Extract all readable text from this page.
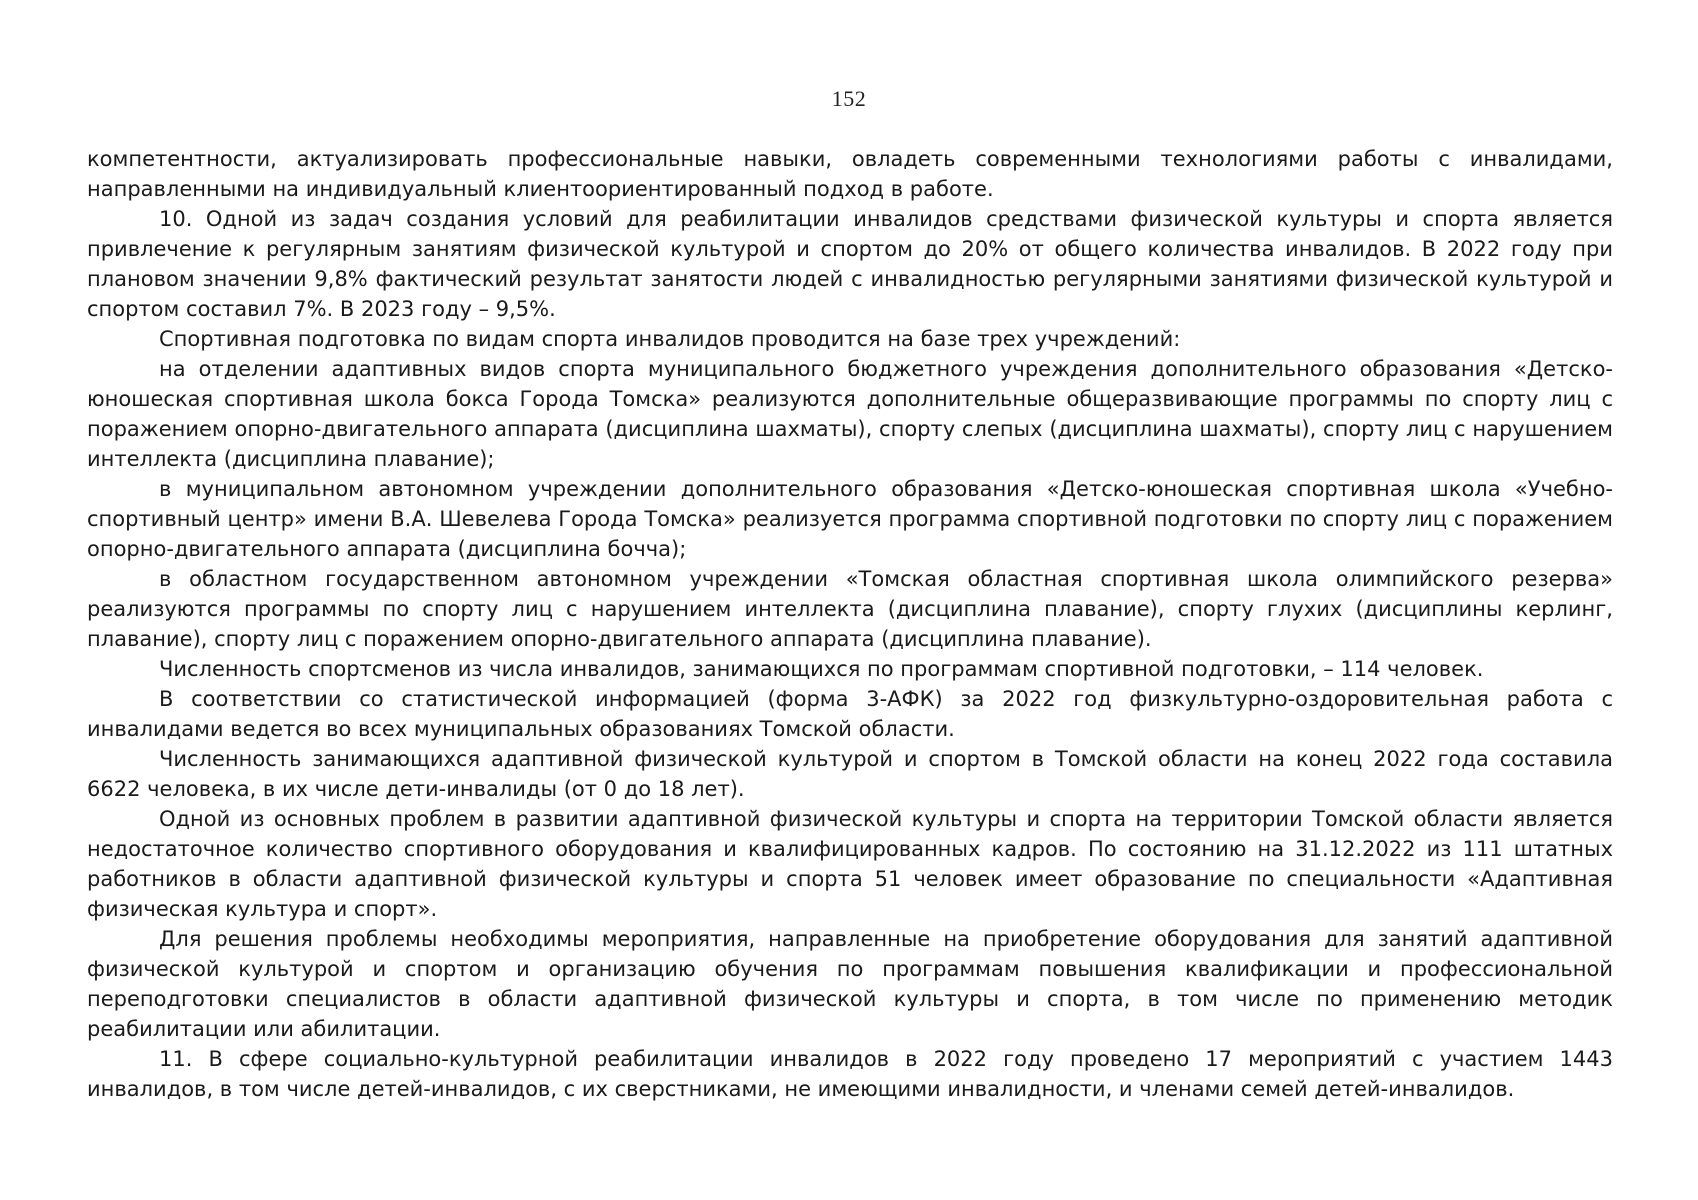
152

компетентности, актуализировать профессиональные навыки, овладеть современными технологиями работы с инвалидами, направленными на индивидуальный клиентоориентированный подход в работе.

10. Одной из задач создания условий для реабилитации инвалидов средствами физической культуры и спорта является привлечение к регулярным занятиям физической культурой и спортом до 20% от общего количества инвалидов. В 2022 году при плановом значении 9,8% фактический результат занятости людей с инвалидностью регулярными занятиями физической культурой и спортом составил 7%. В 2023 году – 9,5%.

Спортивная подготовка по видам спорта инвалидов проводится на базе трех учреждений:

на отделении адаптивных видов спорта муниципального бюджетного учреждения дополнительного образования «Детско-юношеская спортивная школа бокса Города Томска» реализуются дополнительные общеразвивающие программы по спорту лиц с поражением опорно-двигательного аппарата (дисциплина шахматы), спорту слепых (дисциплина шахматы), спорту лиц с нарушением интеллекта (дисциплина плавание);

в муниципальном автономном учреждении дополнительного образования «Детско-юношеская спортивная школа «Учебно-спортивный центр» имени В.А. Шевелева Города Томска» реализуется программа спортивной подготовки по спорту лиц с поражением опорно-двигательного аппарата (дисциплина бочча);

в областном государственном автономном учреждении «Томская областная спортивная школа олимпийского резерва» реализуются программы по спорту лиц с нарушением интеллекта (дисциплина плавание), спорту глухих (дисциплины керлинг, плавание), спорту лиц с поражением опорно-двигательного аппарата (дисциплина плавание).

Численность спортсменов из числа инвалидов, занимающихся по программам спортивной подготовки, – 114 человек.

В соответствии со статистической информацией (форма 3-АФК) за 2022 год физкультурно-оздоровительная работа с инвалидами ведется во всех муниципальных образованиях Томской области.

Численность занимающихся адаптивной физической культурой и спортом в Томской области на конец 2022 года составила 6622 человека, в их числе дети-инвалиды (от 0 до 18 лет).

Одной из основных проблем в развитии адаптивной физической культуры и спорта на территории Томской области является недостаточное количество спортивного оборудования и квалифицированных кадров. По состоянию на 31.12.2022 из 111 штатных работников в области адаптивной физической культуры и спорта 51 человек имеет образование по специальности «Адаптивная физическая культура и спорт».

Для решения проблемы необходимы мероприятия, направленные на приобретение оборудования для занятий адаптивной физической культурой и спортом и организацию обучения по программам повышения квалификации и профессиональной переподготовки специалистов в области адаптивной физической культуры и спорта, в том числе по применению методик реабилитации или абилитации.

11. В сфере социально-культурной реабилитации инвалидов в 2022 году проведено 17 мероприятий с участием 1443 инвалидов, в том числе детей-инвалидов, с их сверстниками, не имеющими инвалидности, и членами семей детей-инвалидов.
